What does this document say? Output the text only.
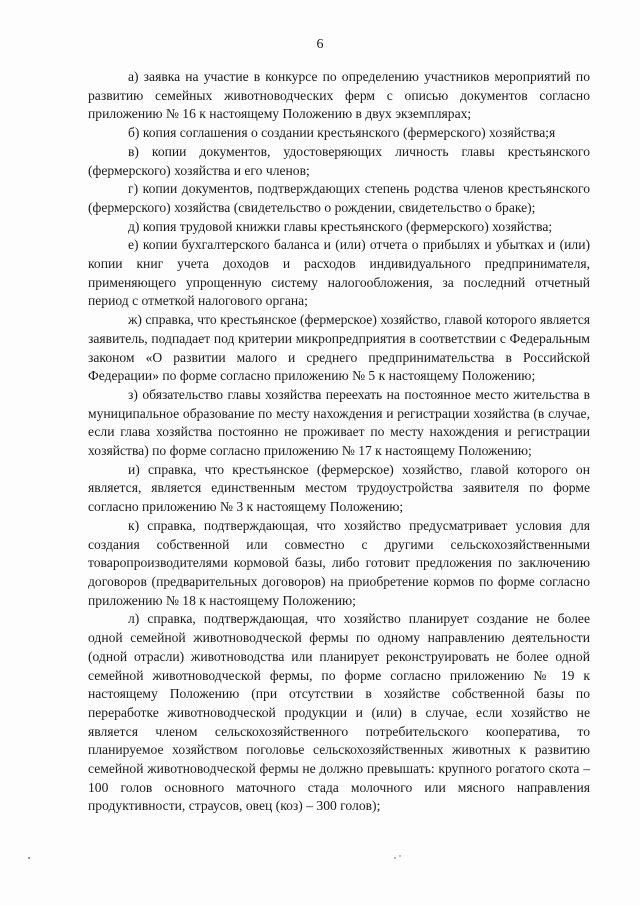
6

а) заявка на участие в конкурсе по определению участников мероприятий по развитию семейных животноводческих ферм с описью документов согласно приложению № 16 к настоящему Положению в двух экземплярах;

б) копия соглашения о создании крестьянского (фермерского) хозяйства;я

в) копии документов, удостоверяющих личность главы крестьянского (фермерского) хозяйства и его членов;

г) копии документов, подтверждающих степень родства членов крестьянского (фермерского) хозяйства (свидетельство о рождении, свидетельство о браке);

д) копия трудовой книжки главы крестьянского (фермерского) хозяйства;

е) копии бухгалтерского баланса и (или) отчета о прибылях и убытках и (или) копии книг учета доходов и расходов индивидуального предпринимателя, применяющего упрощенную систему налогообложения, за последний отчетный период с отметкой налогового органа;

ж) справка, что крестьянское (фермерское) хозяйство, главой которого является заявитель, подпадает под критерии микропредприятия в соответствии с Федеральным законом «О развитии малого и среднего предпринимательства в Российской Федерации» по форме согласно приложению № 5 к настоящему Положению;

з) обязательство главы хозяйства переехать на постоянное место жительства в муниципальное образование по месту нахождения и регистрации хозяйства (в случае, если глава хозяйства постоянно не проживает по месту нахождения и регистрации хозяйства) по форме согласно приложению № 17 к настоящему Положению;

и) справка, что крестьянское (фермерское) хозяйство, главой которого он является, является единственным местом трудоустройства заявителя по форме согласно приложению № 3 к настоящему Положению;

к) справка, подтверждающая, что хозяйство предусматривает условия для создания собственной или совместно с другими сельскохозяйственными товаропроизводителями кормовой базы, либо готовит предложения по заключению договоров (предварительных договоров) на приобретение кормов по форме согласно приложению № 18 к настоящему Положению;

л) справка, подтверждающая, что хозяйство планирует создание не более одной семейной животноводческой фермы по одному направлению деятельности (одной отрасли) животноводства или планирует реконструировать не более одной семейной животноводческой фермы, по форме согласно приложению № 19 к настоящему Положению (при отсутствии в хозяйстве собственной базы по переработке животноводческой продукции и (или) в случае, если хозяйство не является членом сельскохозяйственного потребительского кооператива, то планируемое хозяйством поголовье сельскохозяйственных животных к развитию семейной животноводческой фермы не должно превышать: крупного рогатого скота – 100 голов основного маточного стада молочного или мясного направления продуктивности, страусов, овец (коз) – 300 голов);
